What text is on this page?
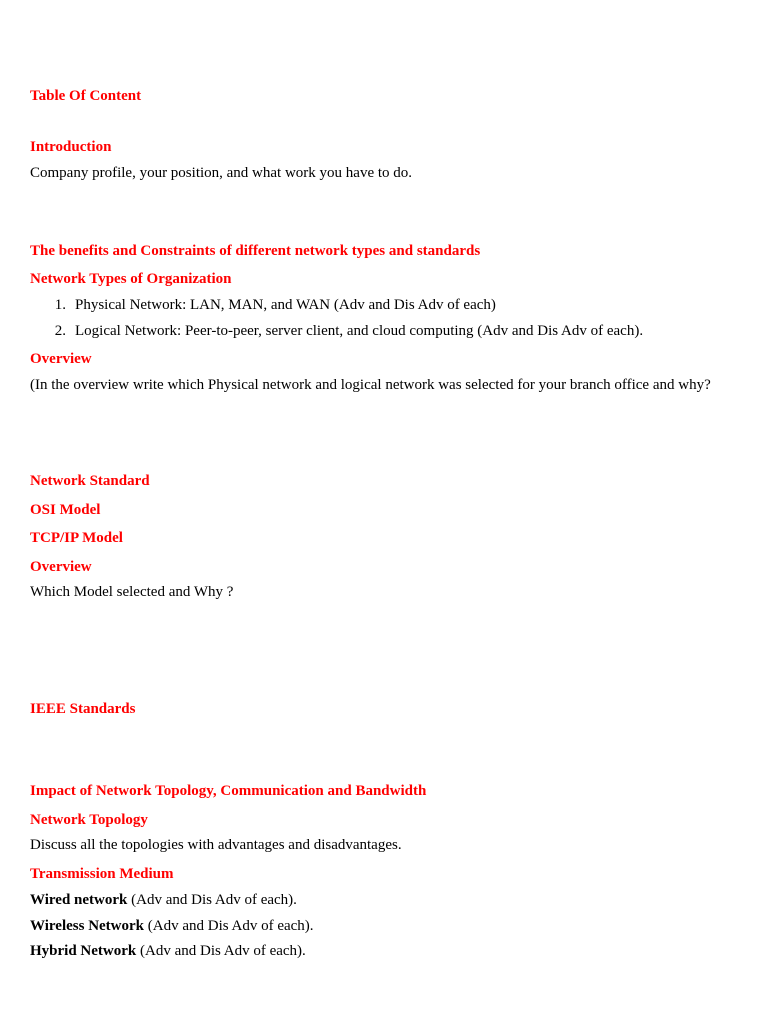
Table Of Content
Introduction
Company profile, your position, and what work you have to do.
The benefits and Constraints of different network types and standards
Network Types of Organization
1. Physical Network: LAN, MAN, and WAN (Adv and Dis Adv of each)
2. Logical Network: Peer-to-peer, server client, and cloud computing (Adv and Dis Adv of each).
Overview
(In the overview write which Physical network and logical network was selected for your branch office and why?
Network Standard
OSI Model
TCP/IP Model
Overview
Which Model selected and Why ?
IEEE Standards
Impact of Network Topology, Communication and Bandwidth
Network Topology
Discuss all the topologies with advantages and disadvantages.
Transmission Medium
Wired network (Adv and Dis Adv of each).
Wireless Network (Adv and Dis Adv of each).
Hybrid Network (Adv and Dis Adv of each).
